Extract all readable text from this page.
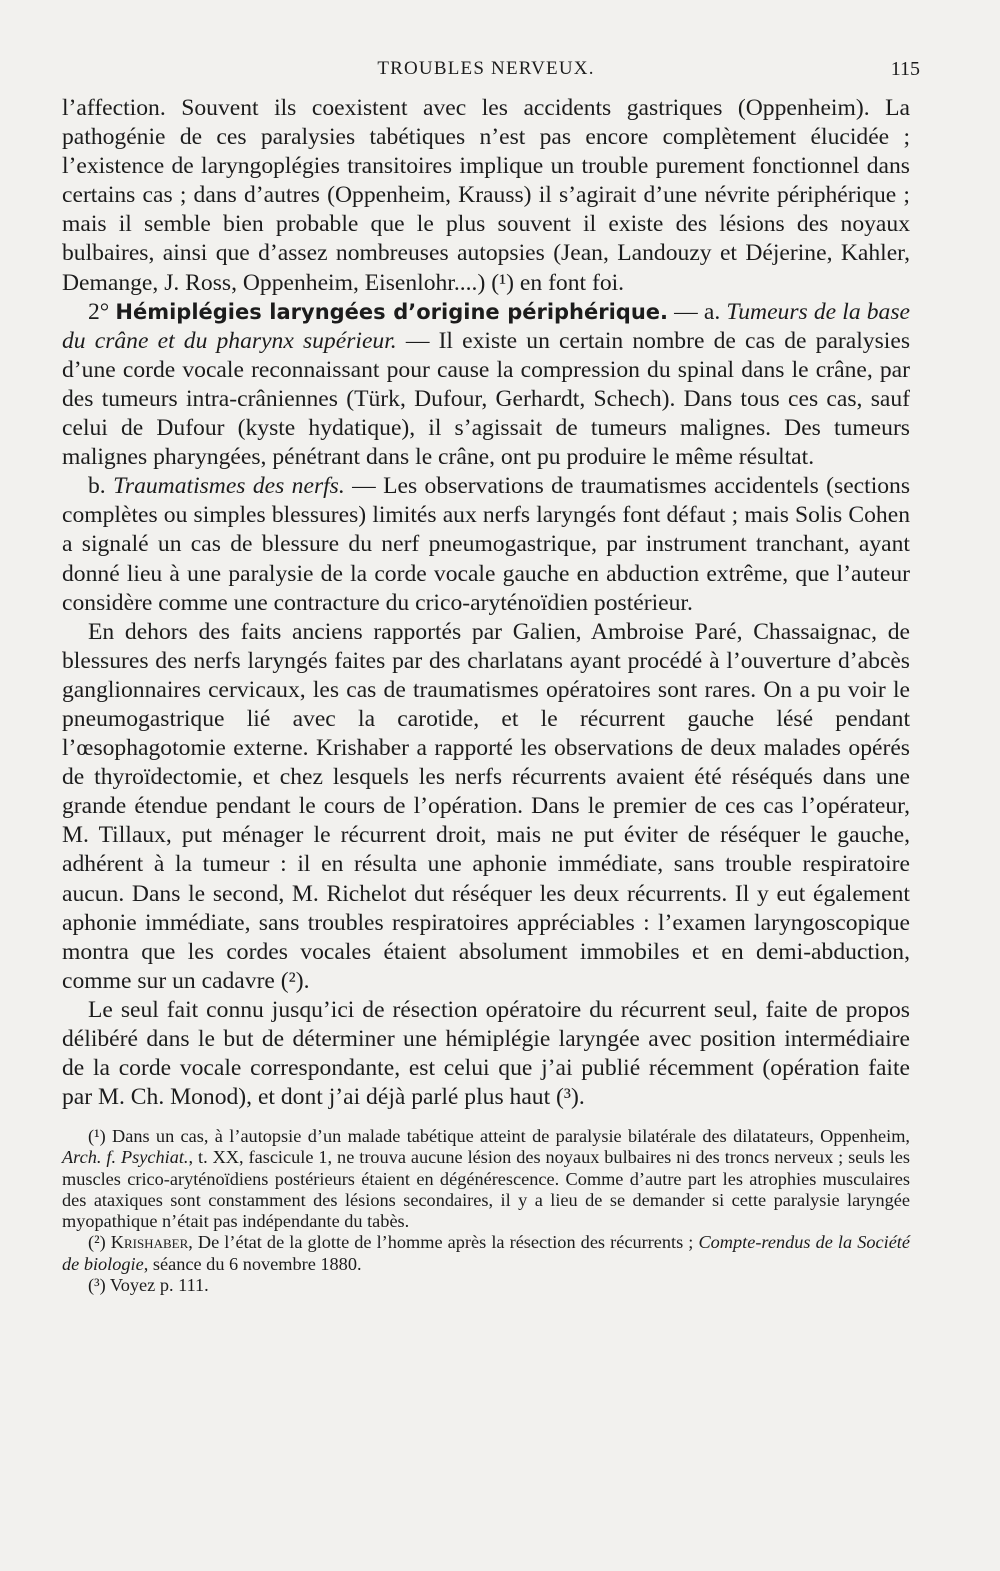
TROUBLES NERVEUX.	115

l’affection. Souvent ils coexistent avec les accidents gastriques (Oppenheim). La pathogénie de ces paralysies tabétiques n’est pas encore complètement élucidée ; l’existence de laryngoplégies transitoires implique un trouble purement fonctionnel dans certains cas ; dans d’autres (Oppenheim, Krauss) il s’agirait d’une névrite périphérique ; mais il semble bien probable que le plus souvent il existe des lésions des noyaux bulbaires, ainsi que d’assez nombreuses autopsies (Jean, Landouzy et Déjerine, Kahler, Demange, J. Ross, Oppenheim, Eisenlohr....) (¹) en font foi.

2° Hémiplégies laryngées d’origine périphérique. — a. Tumeurs de la base du crâne et du pharynx supérieur. — Il existe un certain nombre de cas de paralysies d’une corde vocale reconnaissant pour cause la compression du spinal dans le crâne, par des tumeurs intra-crâniennes (Türk, Dufour, Gerhardt, Schech). Dans tous ces cas, sauf celui de Dufour (kyste hydatique), il s’agissait de tumeurs malignes. Des tumeurs malignes pharyngées, pénétrant dans le crâne, ont pu produire le même résultat.

b. Traumatismes des nerfs. — Les observations de traumatismes accidentels (sections complètes ou simples blessures) limités aux nerfs laryngés font défaut ; mais Solis Cohen a signalé un cas de blessure du nerf pneumogastrique, par instrument tranchant, ayant donné lieu à une paralysie de la corde vocale gauche en abduction extrême, que l’auteur considère comme une contracture du crico-aryténoïdien postérieur.

En dehors des faits anciens rapportés par Galien, Ambroise Paré, Chassaignac, de blessures des nerfs laryngés faites par des charlatans ayant procédé à l’ouverture d’abcès ganglionnaires cervicaux, les cas de traumatismes opératoires sont rares. On a pu voir le pneumogastrique lié avec la carotide, et le récurrent gauche lésé pendant l’œsophagotomie externe. Krishaber a rapporté les observations de deux malades opérés de thyroïdectomie, et chez lesquels les nerfs récurrents avaient été réséqués dans une grande étendue pendant le cours de l’opération. Dans le premier de ces cas l’opérateur, M. Tillaux, put ménager le récurrent droit, mais ne put éviter de réséquer le gauche, adhérent à la tumeur : il en résulta une aphonie immédiate, sans trouble respiratoire aucun. Dans le second, M. Richelot dut réséquer les deux récurrents. Il y eut également aphonie immédiate, sans troubles respiratoires appréciables : l’examen laryngoscopique montra que les cordes vocales étaient absolument immobiles et en demi-abduction, comme sur un cadavre (²).

Le seul fait connu jusqu’ici de résection opératoire du récurrent seul, faite de propos délibéré dans le but de déterminer une hémiplégie laryngée avec position intermédiaire de la corde vocale correspondante, est celui que j’ai publié récemment (opération faite par M. Ch. Monod), et dont j’ai déjà parlé plus haut (³).

(¹) Dans un cas, à l’autopsie d’un malade tabétique atteint de paralysie bilatérale des dilatateurs, Oppenheim, Arch. f. Psychiat., t. XX, fascicule 1, ne trouva aucune lésion des noyaux bulbaires ni des troncs nerveux ; seuls les muscles crico-aryténoïdiens postérieurs étaient en dégénérescence. Comme d’autre part les atrophies musculaires des ataxiques sont constamment des lésions secondaires, il y a lieu de se demander si cette paralysie laryngée myopathique n’était pas indépendante du tabès.

(²) Krishaber, De l’état de la glotte de l’homme après la résection des récurrents ; Compte-rendus de la Société de biologie, séance du 6 novembre 1880.

(³) Voyez p. 111.
